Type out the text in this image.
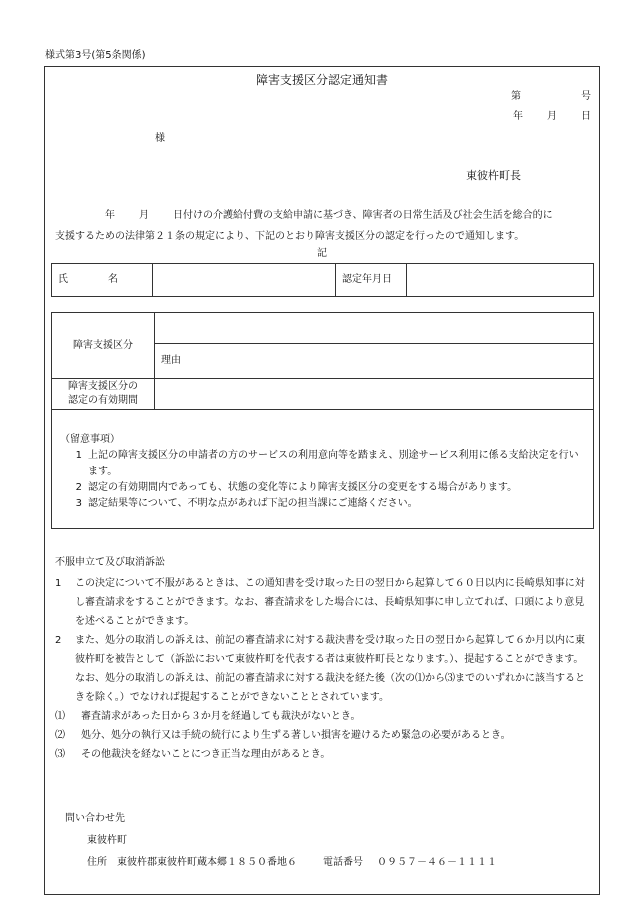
様式第3号(第5条関係)
障害支援区分認定通知書
第	号
年 月 日
様
東彼杵町長
年 月 日付けの介護給付費の支給申請に基づき、障害者の日常生活及び社会生活を総合的に
支援するための法律第２１条の規定により、下記のとおり障害支援区分の認定を行ったので通知します。
記
氏　　　　名		認定年月日	
障害支援区分	
	理由

障害支援区分の
認定の有効期間	

（留意事項）
1 上記の障害支援区分の申請者の方のサービスの利用意向等を踏まえ、別途サービス利用に係る支給決定を行います。
2 認定の有効期間内であっても、状態の変化等により障害支援区分の変更をする場合があります。
3 認定結果等について、不明な点があれば下記の担当課にご連絡ください。
不服申立て及び取消訴訟
1	この決定について不服があるときは、この通知書を受け取った日の翌日から起算して６０日以内に長崎県知事に対し審査請求をすることができます。なお、審査請求をした場合には、長崎県知事に申し立てれば、口頭により意見を述べることができます。
2	また、処分の取消しの訴えは、前記の審査請求に対する裁決書を受け取った日の翌日から起算して６か月以内に東彼杵町を被告として（訴訟において東彼杵町を代表する者は東彼杵町長となります。）、提起することができます。なお、処分の取消しの訴えは、前記の審査請求に対する裁決を経た後（次の⑴から⑶までのいずれかに該当するときを除く。）でなければ提起することができないこととされています。
⑴	審査請求があった日から３か月を経過しても裁決がないとき。
⑵	処分、処分の執行又は手続の続行により生ずる著しい損害を避けるため緊急の必要があるとき。
⑶	その他裁決を経ないことにつき正当な理由があるとき。
問い合わせ先
東彼杵町
住所 東彼杵郡東彼杵町蔵本郷１８５０番地６	電話番号 ０９５７－４６－１１１１
